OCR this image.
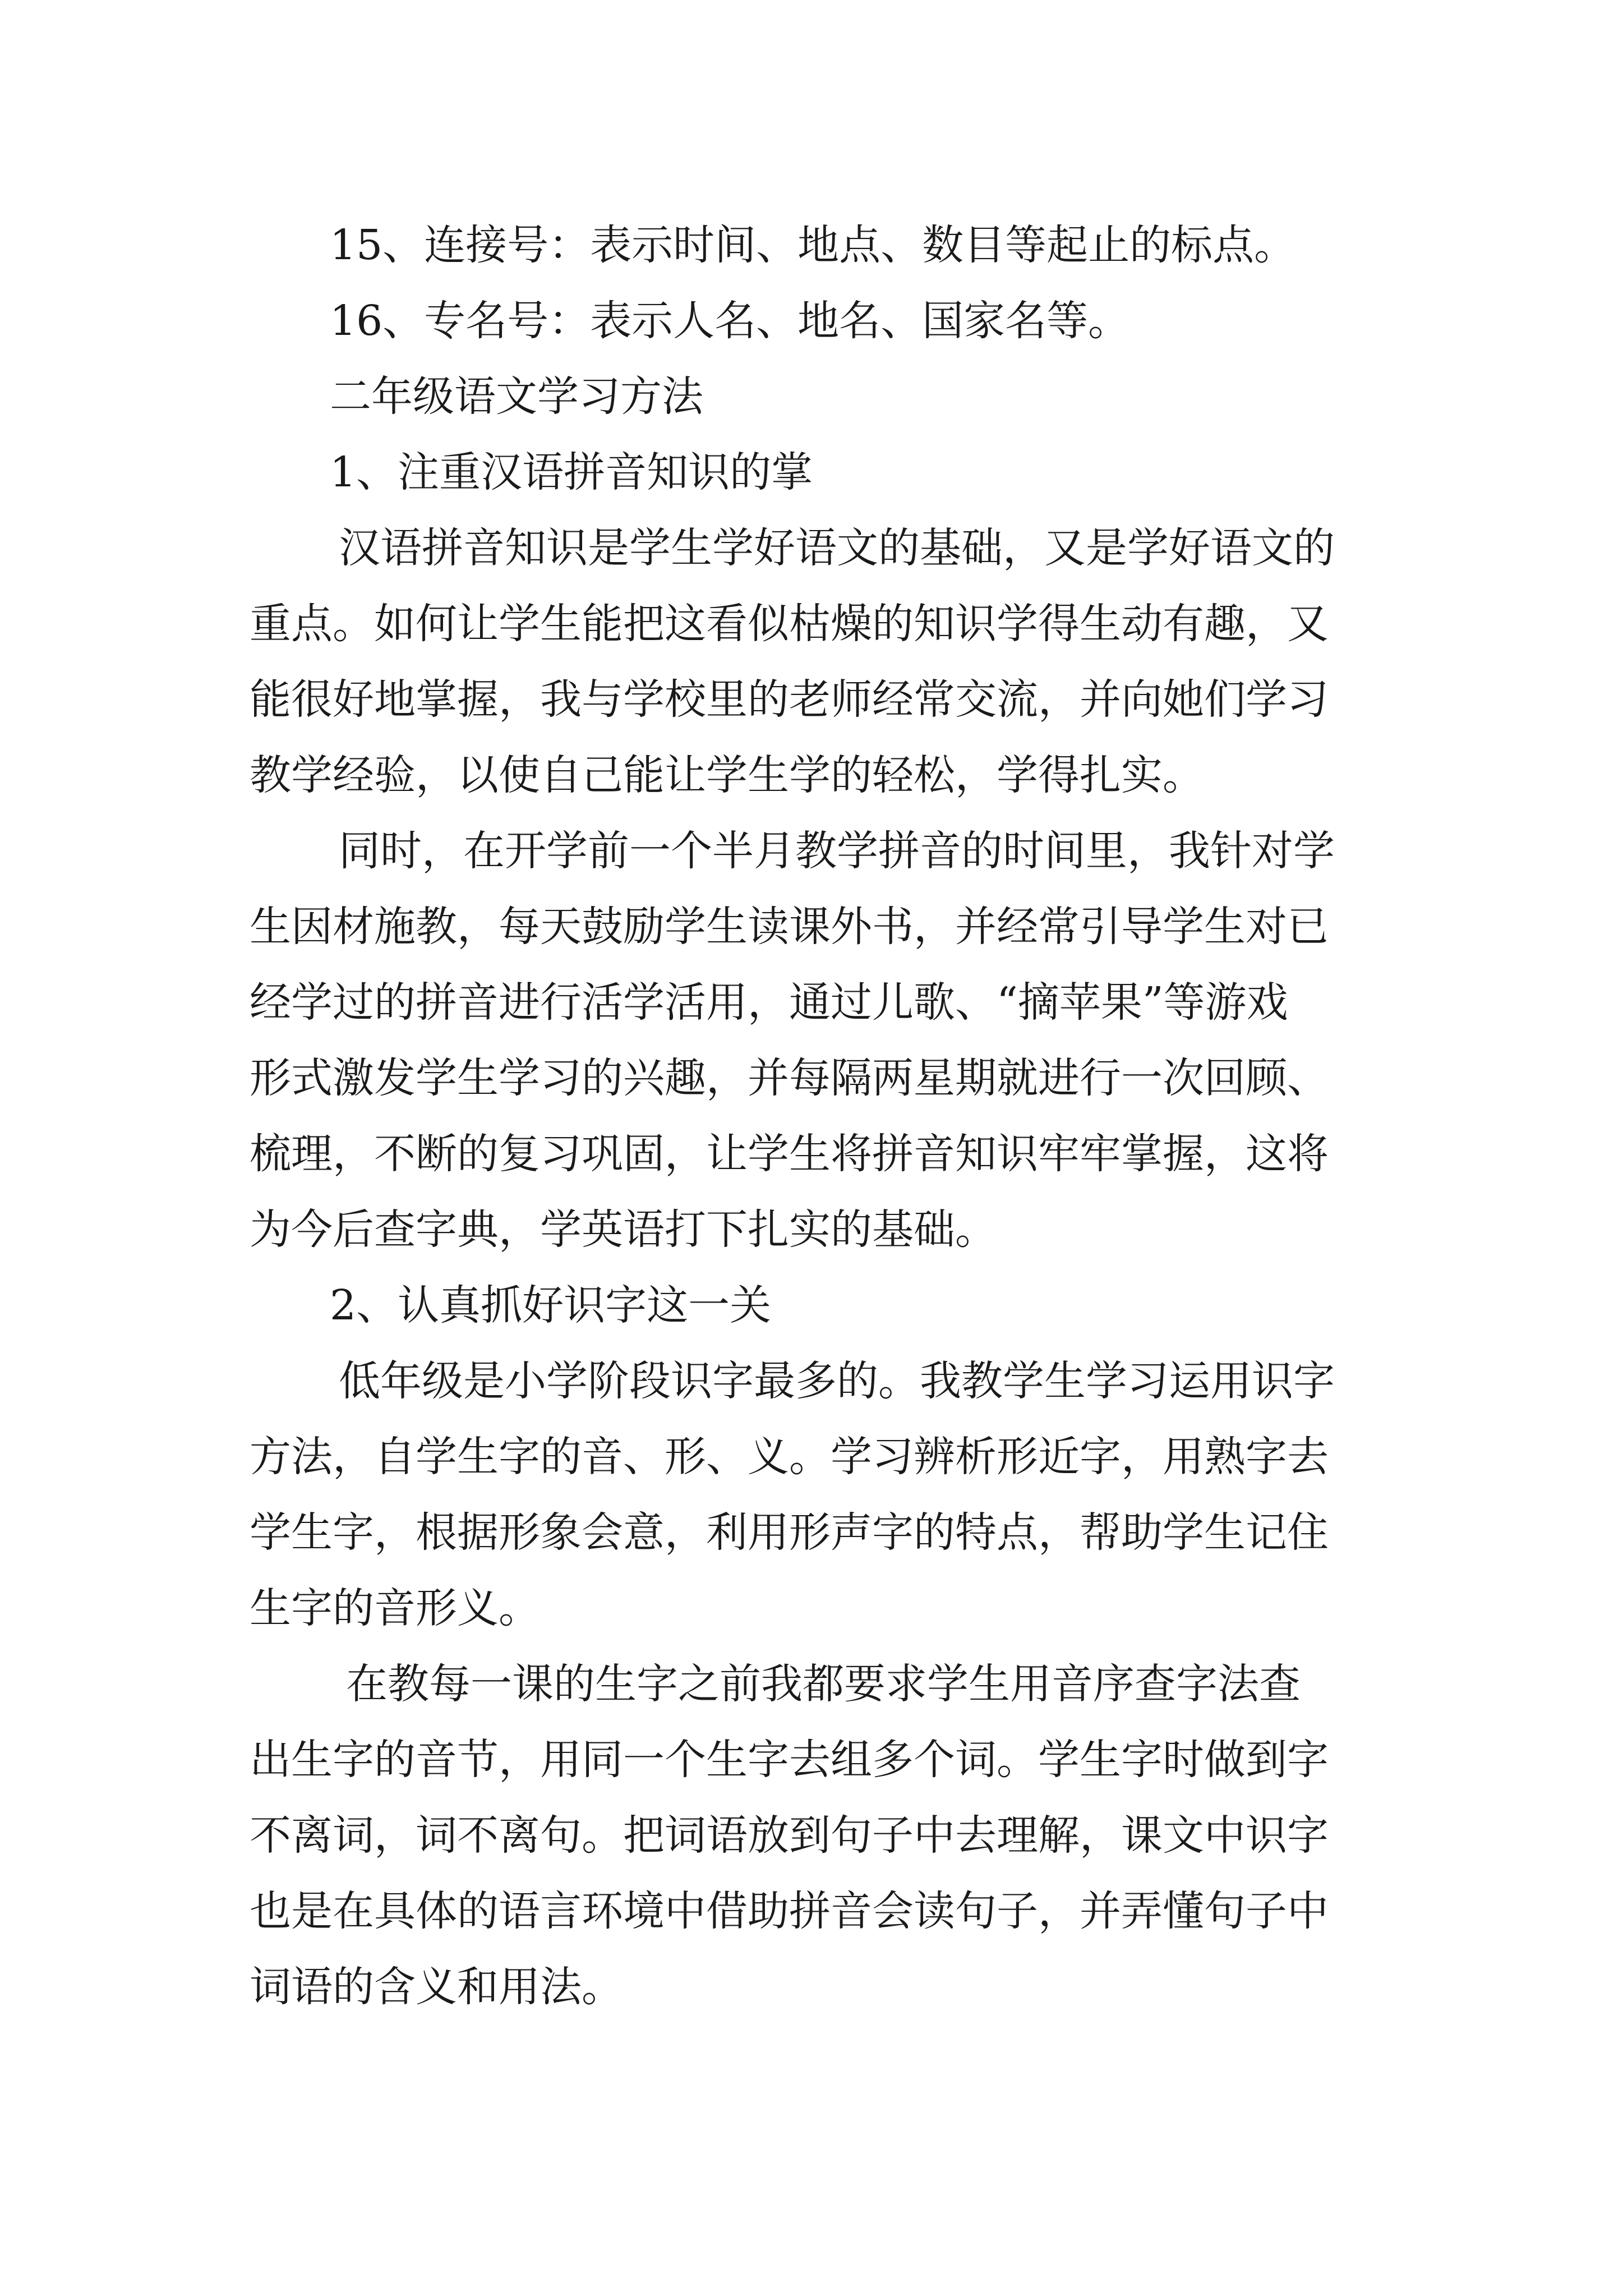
15、连接号：表示时间、地点、数目等起止的标点。
16、专名号：表示人名、地名、国家名等。
二年级语文学习方法
1、注重汉语拼音知识的掌
汉语拼音知识是学生学好语文的基础，又是学好语文的
重点。如何让学生能把这看似枯燥的知识学得生动有趣，又
能很好地掌握，我与学校里的老师经常交流，并向她们学习
教学经验，以使自己能让学生学的轻松，学得扎实。
同时，在开学前一个半月教学拼音的时间里，我针对学
生因材施教，每天鼓励学生读课外书，并经常引导学生对已
经学过的拼音进行活学活用，通过儿歌、“摘苹果”等游戏
形式激发学生学习的兴趣，并每隔两星期就进行一次回顾、
梳理，不断的复习巩固，让学生将拼音知识牢牢掌握，这将
为今后查字典，学英语打下扎实的基础。
2、认真抓好识字这一关
低年级是小学阶段识字最多的。我教学生学习运用识字
方法，自学生字的音、形、义。学习辨析形近字，用熟字去
学生字，根据形象会意，利用形声字的特点，帮助学生记住
生字的音形义。
在教每一课的生字之前我都要求学生用音序查字法查
出生字的音节，用同一个生字去组多个词。学生字时做到字
不离词，词不离句。把词语放到句子中去理解，课文中识字
也是在具体的语言环境中借助拼音会读句子，并弄懂句子中
词语的含义和用法。
